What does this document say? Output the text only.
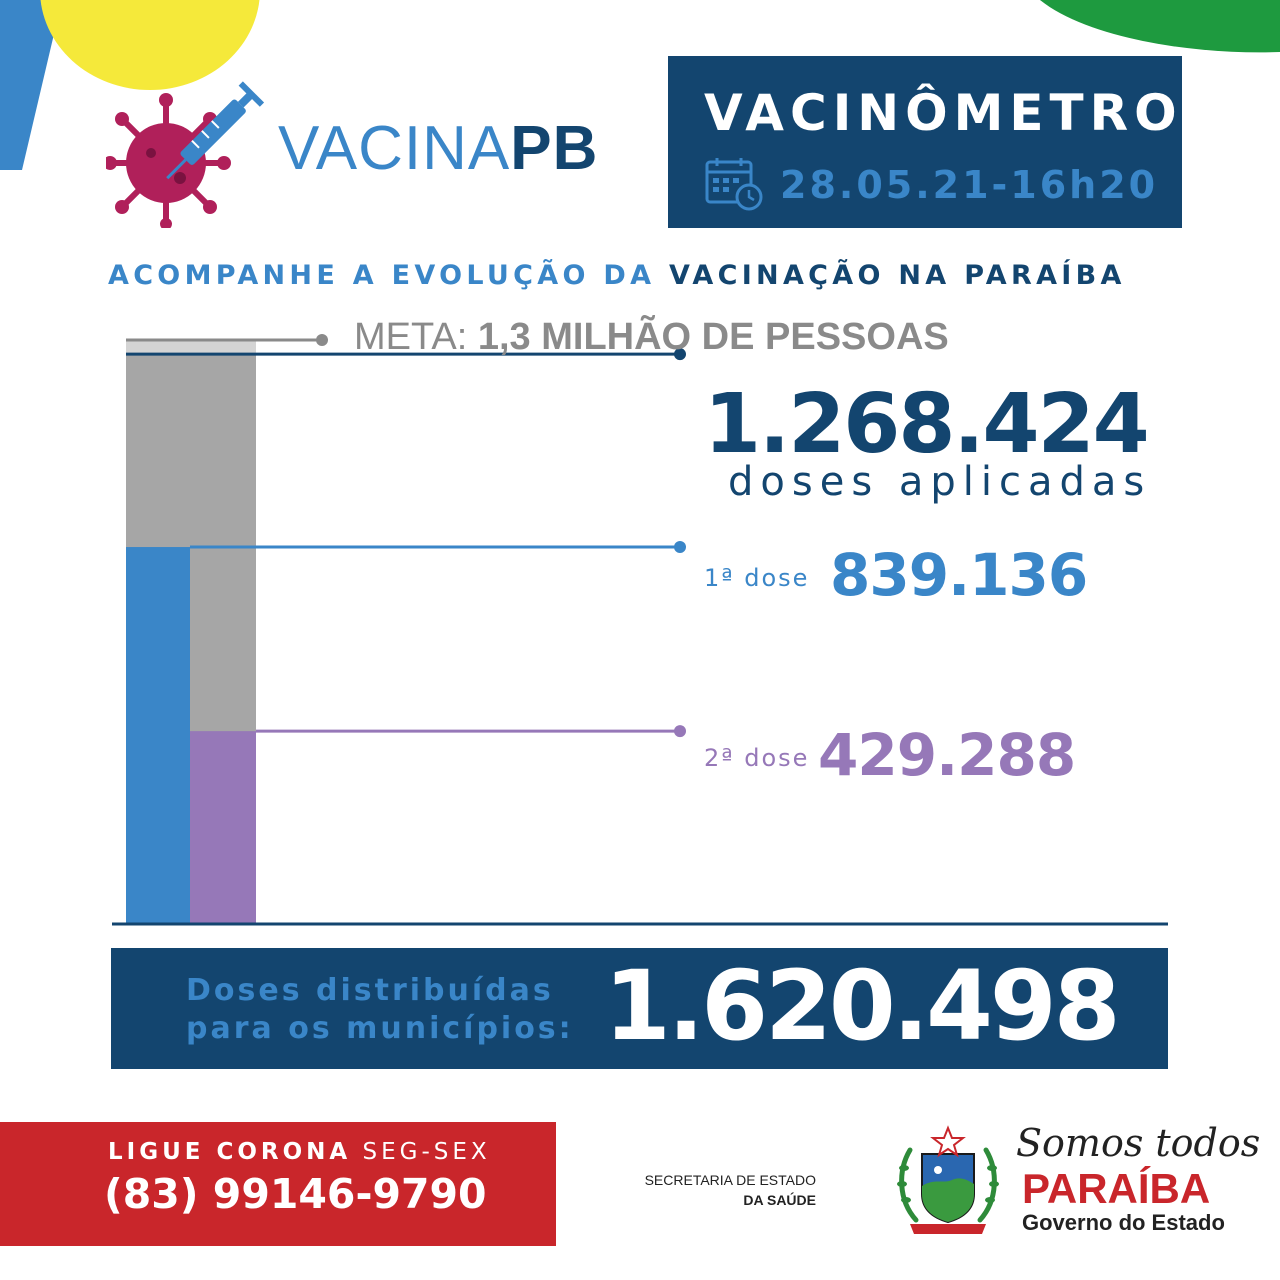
VACINAPB
VACINÔMETRO
28.05.21-16h20
ACOMPANHE A EVOLUÇÃO DA VACINAÇÃO NA PARAÍBA
META: 1,3 MILHÃO DE PESSOAS
1.268.424
doses aplicadas
1ª dose 839.136
2ª dose 429.288
Doses distribuídas
para os municípios: 1.620.498
LIGUE CORONA SEG-SEX
(83) 99146-9790	SECRETARIA DE ESTADO
DA SAÚDE
Somos todos
PARAÍBA
Governo do Estado
